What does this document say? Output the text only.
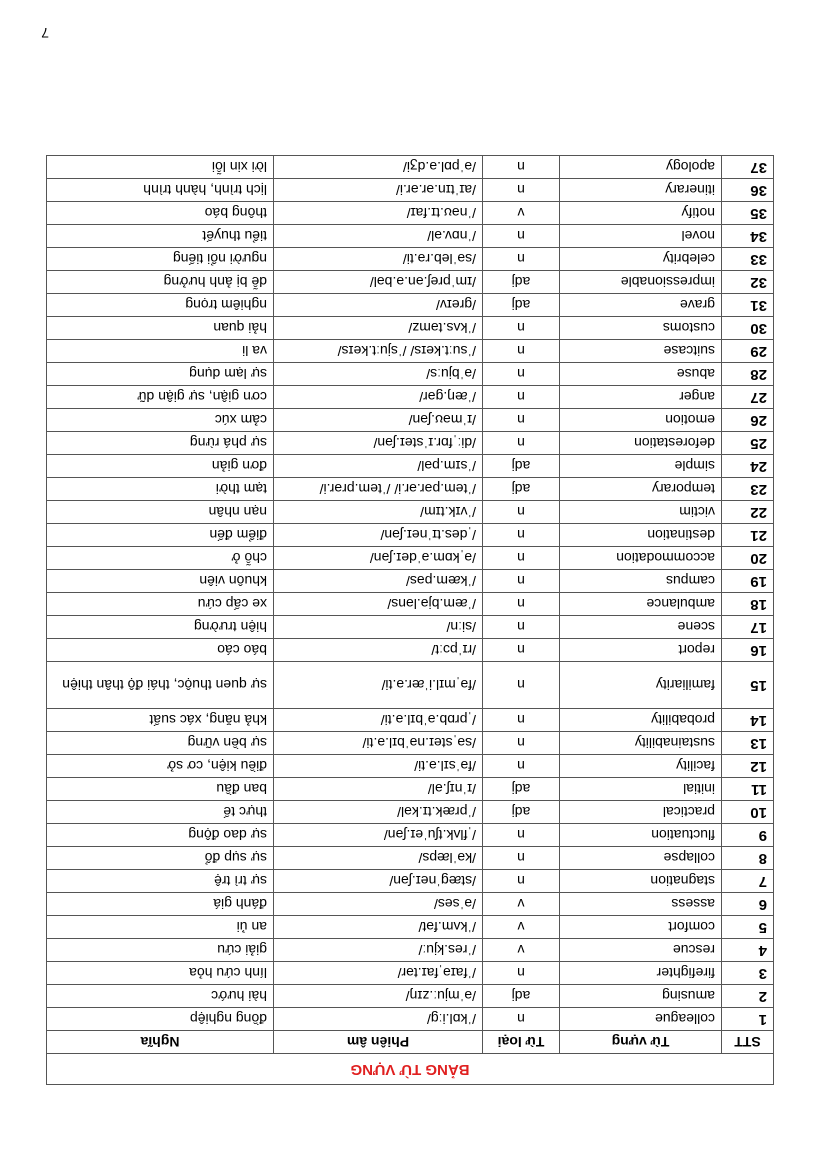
BẢNG TỪ VỰNG				
STT	Từ vựng	Từ loại	Phiên âm	Nghĩa
1	colleague	n	/ˈkɒl.iːɡ/	đồng nghiệp
2	amusing	adj	/əˈmjuː.zɪŋ/	hài hước
3	firefighter	n	/ˈfaɪəˌfaɪ.tər/	lính cứu hỏa
4	rescue	v	/ˈres.kjuː/	giải cứu
5	comfort	v	/ˈkʌm.fət/	an ủi
6	assess	v	/əˈses/	đánh giá
7	stagnation	n	/stæɡˈneɪ.ʃən/	sự trì trệ
8	collapse	n	/kəˈlæps/	sự sụp đổ
9	fluctuation	n	/ˌflʌk.tʃuˈeɪ.ʃən/	sự dao động
10	practical	adj	/ˈpræk.tɪ.kəl/	thực tế
11	initial	adj	/ɪˈnɪʃ.əl/	ban đầu
12	facility	n	/fəˈsɪl.ə.ti/	điều kiện, cơ sở
13	sustainability	n	/səˌsteɪ.nəˈbɪl.ə.ti/	sự bền vững
14	probability	n	/ˌprɒb.əˈbɪl.ə.ti/	khả năng, xác suất
15	familiarity	n	/fəˌmɪl.iˈær.ə.ti/	sự quen thuộc, thái độ thân thiện
16	report	n	/rɪˈpɔːt/	báo cáo
17	scene	n	/siːn/	hiện trường
18	ambulance	n	/ˈæm.bjə.ləns/	xe cấp cứu
19	campus	n	/ˈkæm.pəs/	khuôn viên
20	accommodation	n	/əˌkɒm.əˈdeɪ.ʃən/	chỗ ở
21	destination	n	/ˌdes.tɪˈneɪ.ʃən/	điểm đến
22	victim	n	/ˈvɪk.tɪm/	nạn nhân
23	temporary	adj	/ˈtem.pər.ər.i/ /ˈtem.prər.i/	tạm thời
24	simple	adj	/ˈsɪm.pəl/	đơn giản
25	deforestation	n	/diːˌfɒr.ɪˈsteɪ.ʃən/	sự phá rừng
26	emotion	n	/ɪˈməʊ.ʃən/	cảm xúc
27	anger	n	/ˈæŋ.ɡər/	cơn giận, sự giận dữ
28	abuse	n	/əˈbjuːs/	sự lạm dụng
29	suitcase	n	/ˈsuːt.keɪs/ /ˈsjuːt.keɪs/	va li
30	customs	n	/ˈkʌs.təmz/	hải quan
31	grave	adj	/ɡreɪv/	nghiêm trọng
32	impressionable	adj	/ɪmˈpreʃ.ən.ə.bəl/	dễ bị ảnh hưởng
33	celebrity	n	/səˈleb.rə.ti/	người nổi tiếng
34	novel	n	/ˈnɒv.əl/	tiểu thuyết
35	notify	v	/ˈnəʊ.tɪ.faɪ/	thông báo
36	itinerary	n	/aɪˈtɪn.ər.ər.i/	lịch trình, hành trình
37	apology	n	/əˈpɒl.ə.dʒi/	lời xin lỗi
7
